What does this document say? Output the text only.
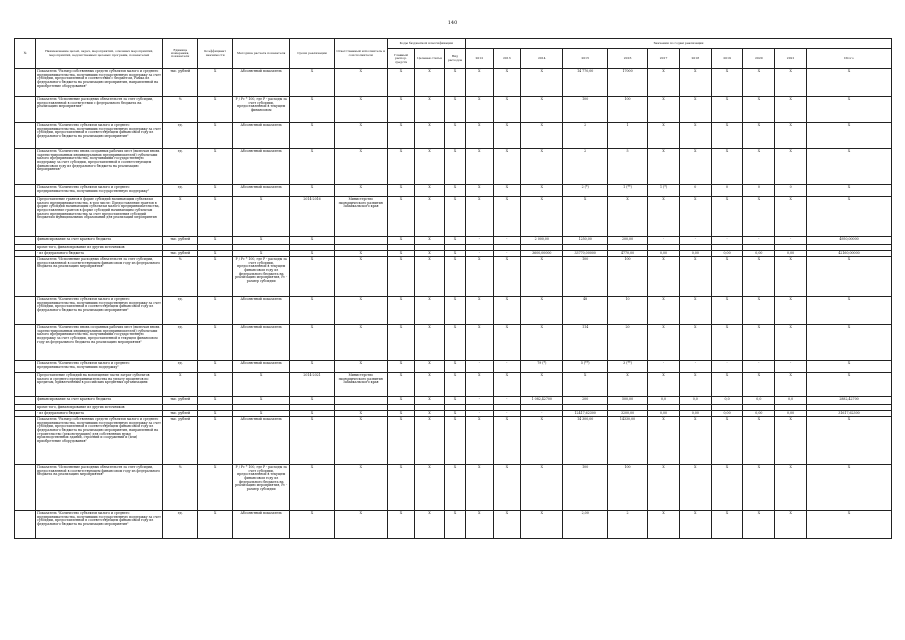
140
№	Наименование целей, задач, мероприятий, основных мероприятий, мероприятий, ведомственных целевых программ, показателей	Единица измерения, показатели	Коэффициент значимости	Методика расчета показателя	Сроки реализации	Ответственный исполнитель и соисполнители	Коды бюджетной классификации			Значения по годам реализации										
							Главный распор. средств	Целевая статья	Вид расходов	2012	2013	2014	2015	2016	2017	2018	2019	2020	2021	Итого
	Показатель "Размер собственных средств субъектов малого и среднего предпринимательства, получивших государственную поддержку за счет субсидии, предоставленной в соответствии с бюджетом, Рамка из федерального бюджета на реализацию мероприятия, направленной на приобретение оборудования"	тыс. рублей	X	Абсолютный показатель	X	X	X	X	X	X	X	X	14 770,00	17000	X	X	X	X	X	X
	Показатель "Исполнение расходных обязательств за счет субсидии, предоставленной в соответствии с федерального бюджета на реализацию мероприятия"	%	X	P / Pс * 100, где P - расходы за счет субсидии, предоставленной в текущем финансовом	X	X	X	X	X	X	X	X	100	100	X	X	X	X	X	X
	Показатель "Количество субъектов малого и среднего предпринимательства, получивших государственную поддержку за счет субсидии, предоставленной в соответствующем финансовом году из федерального бюджета на реализацию мероприятия"	ед.	X	Абсолютный показатель	X	X	X	X	X	X	X	X	2	1	X	X	X	X	X	X
	Показатель "Количество вновь созданных рабочих мест (включая вновь зарегистрированных индивидуальных предпринимателей) субъектами малого предпринимательства, получившими государственную поддержку за счет субсидии, предоставленной в соответствующем финансовом году из федерального бюджета на реализацию мероприятия"	ед.	X	Абсолютный показатель	X	X	X	X	X	X	X	X	2	5	X	X	X	X	X	X
	Показатель "Количество субъектов малого и среднего предпринимательства, получивших государственную поддержку"	ед.	X	Абсолютный показатель	X	X	X	X	X	X	X	X	2 (*)	1 (**)	1 (*)	0	0	0	0	X
	Предоставление грантов в форме субсидий начинающим субъектам малого предпринимательства, в том числе: Предоставление грантов в форме субсидий начинающим субъектам малого предпринимательства, предоставление грантов в форме субсидий начинающим субъектам малого предпринимательства за счет предоставления субсидий бюджетам муниципальных образований для реализации мероприятия	X	X	X	2014-2016	Министерство экономического развития Забайкальского края	X	X	X	X	X	X	X	X	X	X	X	X	X	X
	финансирование за счет краевого бюджета	тыс. рублей	X	X	X		X	X	X	-	-	2 000,00	1250,00	200,00	-	-	-	-	-	4950,00000
	кроме того, финансирование из других источников:																			
	- из федерального бюджета	тыс. рублей	X	X	X	X	X	X	X	-	-	3600,00000	33770,00000	4770,00	0,00	0,00	0,00	0,00	0,00	42160,00000
	Показатель "Исполнение расходных обязательств за счет субсидии, предоставленной в соответствующем финансовом году из федерального бюджета на реализацию мероприятия"	%	X	P / Pс * 100, где P - расходы за счет субсидии, предоставленной в текущем финансовом году из федерального бюджета на реализацию мероприятия, Pс - размер субсидии	X	X	X	X	X	X	X	X	100	100	X	X	X	X	X	X
	Показатель "Количество субъектов малого и среднего предпринимательства, получивших государственную поддержку за счет субсидии, предоставленной в соответствующем финансовом году из федерального бюджета на реализацию мероприятия"	ед.	X	Абсолютный показатель	X	X	X	X	X	X	X	X	48	10	X	X	X	X	X	X
	Показатель "Количество вновь созданных рабочих мест (включая вновь зарегистрированных индивидуальных предпринимателей) субъектами малого предпринимательства, получившими государственную поддержку за счет субсидии, предоставленной в текущем финансовом году из федерального бюджета на реализацию мероприятия"	ед.	X	Абсолютный показатель	X	X	X	X	X	X	X	X	114	20	X	X	X	X	X	X
	Показатель "Количество субъектов малого и среднего предпринимательства, получивших поддержку"	ед.	X	Абсолютный показатель	X	X	X	X	X	-	-	79 (*)	5 (**)	3 (**)	-	-	-	-	-	X
	Предоставление субсидий на возмещение части затрат субъектов малого и среднего предпринимательства на уплату процентов по кредитам, привлеченным в российских кредитных организациях	X	X	X	2014-2021	Министерство экономического развития Забайкальского края	X	X	X	X	X	X	X	X	X	X	X	X	X	X
	финансирование за счет краевого бюджета	тыс. рублей	X	X	X		X	X	X	-	-	1 082,42700	200	500,00	0,0	0,0	0,0	0,0	0,0	2882,42700
	кроме того, финансирование из других источников:																			
	- из федерального бюджета	тыс. рублей	X	X	X	X	X	X	X	-	-	-	12417,62300	3200,00	0,00	0,00	0,00	0,00	0,00	31617,62300
	Показатель "Размер собственных средств субъектов малого и среднего предпринимательства, получивших государственную поддержку за счет субсидии, предоставленной в соответствующем финансовом году из федерального бюджета на реализацию мероприятия, направленной на строительство (реконструкцию) для собственных нужд производственных зданий, строений и сооружений и (или) приобретение оборудования"	тыс. рублей	X	Абсолютный показатель	X	X	X	X	X	X	X	X	14 300,00	14330,00	X	X	X	X	X	X
	Показатель "Исполнение расходных обязательств за счет субсидии, предоставленной в соответствующем финансовом году из федерального бюджета на реализацию мероприятия"	%	X	P / Pс * 100, где P - расходы за счет субсидии, предоставленной в текущем финансовом году из федерального бюджета на реализацию мероприятия, Pс - размер субсидии	X	X	X	X	X	X	X	X	100	100	X	X	X	X	X	X
	Показатель "Количество субъектов малого и среднего предпринимательства, получивших государственную поддержку за счет субсидии, предоставленной в соответствующем финансовом году из федерального бюджета на реализацию мероприятия"	ед.	X	Абсолютный показатель	X	X	X	X	X	X	X	X	2,00	2	X	X	X	X	X	X
